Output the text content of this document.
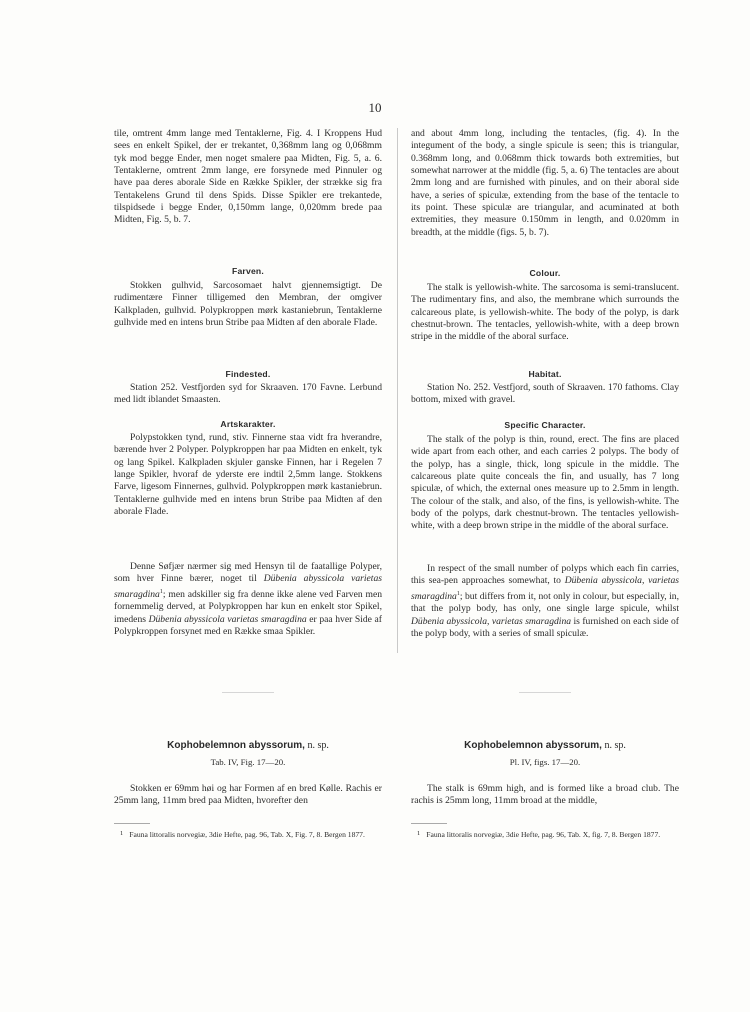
10

tile, omtrent 4mm lange med Tentaklerne, Fig. 4. I Kroppens Hud sees en enkelt Spikel, der er trekantet, 0,368mm lang og 0,068mm tyk mod begge Ender, men noget smalere paa Midten, Fig. 5, a. 6. Tentaklerne, omtrent 2mm lange, ere forsynede med Pinnuler og have paa deres aborale Side en Række Spikler, der strække sig fra Tentakelens Grund til dens Spids. Disse Spikler ere trekantede, tilspidsede i begge Ender, 0,150mm lange, 0,020mm brede paa Midten, Fig. 5, b. 7.

Farven.

Stokken gulhvid, Sarcosomaet halvt gjennemsigtigt. De rudimentære Finner tilligemed den Membran, der omgiver Kalkpladen, gulhvid. Polypkroppen mørk kastaniebrun, Tentaklerne gulhvide med en intens brun Stribe paa Midten af den aborale Flade.

Findested.

Station 252. Vestfjorden syd for Skraaven. 170 Favne. Lerbund med lidt iblandet Smaasten.

Artskarakter.

Polypstokken tynd, rund, stiv. Finnerne staa vidt fra hverandre, bærende hver 2 Polyper. Polypkroppen har paa Midten en enkelt, tyk og lang Spikel. Kalkpladen skjuler ganske Finnen, har i Regelen 7 lange Spikler, hvoraf de yderste ere indtil 2,5mm lange. Stokkens Farve, ligesom Finnernes, gulhvid. Polypkroppen mørk kastaniebrun. Tentaklerne gulhvide med en intens brun Stribe paa Midten af den aborale Flade.

Denne Søfjær nærmer sig med Hensyn til de faatallige Polyper, som hver Finne bærer, noget til Dübenia abyssicola varietas smaragdina$^1$; men adskiller sig fra denne ikke alene ved Farven men fornemmelig derved, at Polypkroppen har kun en enkelt stor Spikel, imedens Dübenia abyssicola varietas smaragdina er paa hver Side af Polypkroppen forsynet med en Række smaa Spikler.

Kophobelemnon abyssorum, n. sp.
Tab. IV, Fig. 17—20.

Stokken er 69mm høi og har Formen af en bred Kølle. Rachis er 25mm lang, 11mm bred paa Midten, hvorefter den

1 Fauna littoralis norvegiæ, 3die Hefte, pag. 96, Tab. X, Fig. 7, 8. Bergen 1877.

and about 4mm long, including the tentacles, (fig. 4). In the integument of the body, a single spicule is seen; this is triangular, 0.368mm long, and 0.068mm thick towards both extremities, but somewhat narrower at the middle (fig. 5, a. 6) The tentacles are about 2mm long and are furnished with pinules, and on their aboral side have, a series of spiculæ, extending from the base of the tentacle to its point. These spiculæ are triangular, and acuminated at both extremities, they measure 0.150mm in length, and 0.020mm in breadth, at the middle (figs. 5, b. 7).

Colour.

The stalk is yellowish-white. The sarcosoma is semi-translucent. The rudimentary fins, and also, the membrane which surrounds the calcareous plate, is yellowish-white. The body of the polyp, is dark chestnut-brown. The tentacles, yellowish-white, with a deep brown stripe in the middle of the aboral surface.

Habitat.

Station No. 252. Vestfjord, south of Skraaven. 170 fathoms. Clay bottom, mixed with gravel.

Specific Character.

The stalk of the polyp is thin, round, erect. The fins are placed wide apart from each other, and each carries 2 polyps. The body of the polyp, has a single, thick, long spicule in the middle. The calcareous plate quite conceals the fin, and usually, has 7 long spiculæ, of which, the external ones measure up to 2.5mm in length. The colour of the stalk, and also, of the fins, is yellowish-white. The body of the polyps, dark chestnut-brown. The tentacles yellowish-white, with a deep brown stripe in the middle of the aboral surface.

In respect of the small number of polyps which each fin carries, this sea-pen approaches somewhat, to Dübenia abyssicola, varietas smaragdina$^1$; but differs from it, not only in colour, but especially, in, that the polyp body, has only, one single large spicule, whilst Dübenia abyssicola, varietas smaragdina is furnished on each side of the polyp body, with a series of small spiculæ.

Kophobelemnon abyssorum, n. sp.
Pl. IV, figs. 17—20.

The stalk is 69mm high, and is formed like a broad club. The rachis is 25mm long, 11mm broad at the middle,

1 Fauna littoralis norvegiæ, 3die Hefte, pag. 96, Tab. X, fig. 7, 8. Bergen 1877.
